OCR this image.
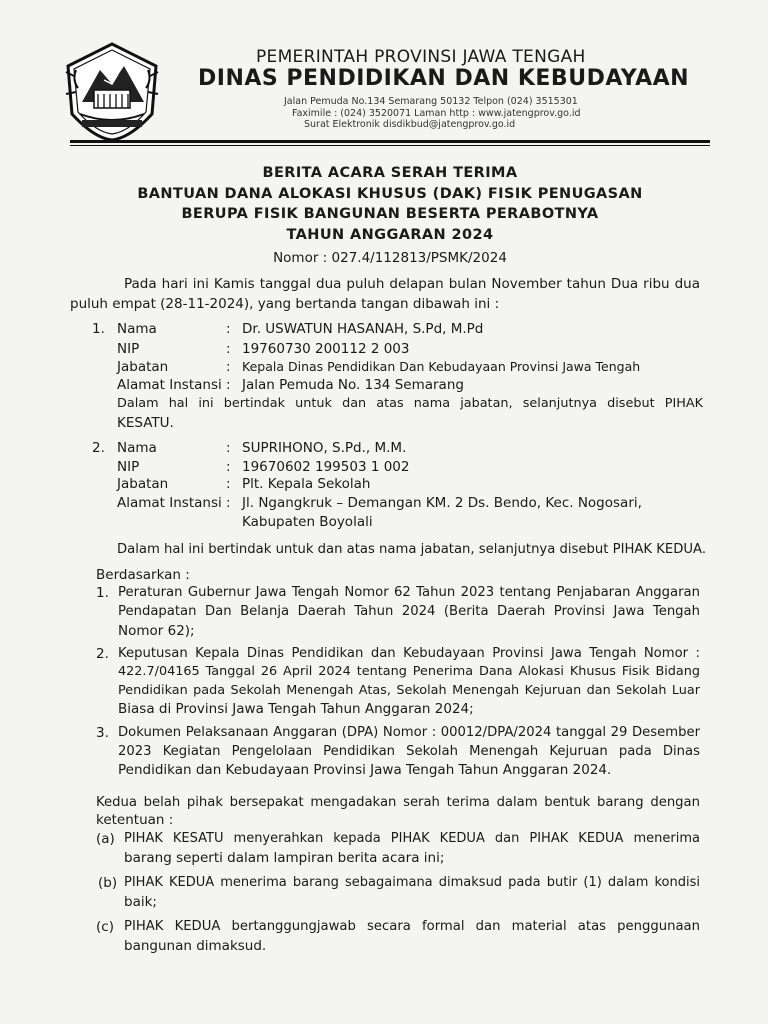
PEMERINTAH PROVINSI JAWA TENGAH
DINAS PENDIDIKAN DAN KEBUDAYAAN
Jalan Pemuda No.134 Semarang 50132 Telpon (024) 3515301
Faximile : (024) 3520071 Laman http : www.jatengprov.go.id
Surat Elektronik disdikbud@jatengprov.go.id
BERITA ACARA SERAH TERIMA
BANTUAN DANA ALOKASI KHUSUS (DAK) FISIK PENUGASAN
BERUPA FISIK BANGUNAN BESERTA PERABOTNYA
TAHUN ANGGARAN 2024
Nomor : 027.4/112813/PSMK/2024
Pada hari ini Kamis tanggal dua puluh delapan bulan November tahun Dua ribu dua
puluh empat (28-11-2024), yang bertanda tangan dibawah ini :
1. Nama	: Dr. USWATUN HASANAH, S.Pd, M.Pd
NIP	: 19760730 200112 2 003
Jabatan	: Kepala Dinas Pendidikan Dan Kebudayaan Provinsi Jawa Tengah
Alamat Instansi : Jalan Pemuda No. 134 Semarang
Dalam hal ini bertindak untuk dan atas nama jabatan, selanjutnya disebut PIHAK
KESATU.
2. Nama	: SUPRIHONO, S.Pd., M.M.
NIP	: 19670602 199503 1 002
Jabatan	: Plt. Kepala Sekolah
Alamat Instansi : Jl. Ngangkruk – Demangan KM. 2 Ds. Bendo, Kec. Nogosari,
Kabupaten Boyolali
Dalam hal ini bertindak untuk dan atas nama jabatan, selanjutnya disebut PIHAK KEDUA.
Berdasarkan :
1. Peraturan Gubernur Jawa Tengah Nomor 62 Tahun 2023 tentang Penjabaran Anggaran
Pendapatan Dan Belanja Daerah Tahun 2024 (Berita Daerah Provinsi Jawa Tengah
Nomor 62);
2. Keputusan Kepala Dinas Pendidikan dan Kebudayaan Provinsi Jawa Tengah Nomor :
422.7/04165 Tanggal 26 April 2024 tentang Penerima Dana Alokasi Khusus Fisik Bidang
Pendidikan pada Sekolah Menengah Atas, Sekolah Menengah Kejuruan dan Sekolah Luar
Biasa di Provinsi Jawa Tengah Tahun Anggaran 2024;
3. Dokumen Pelaksanaan Anggaran (DPA) Nomor : 00012/DPA/2024 tanggal 29 Desember
2023 Kegiatan Pengelolaan Pendidikan Sekolah Menengah Kejuruan pada Dinas
Pendidikan dan Kebudayaan Provinsi Jawa Tengah Tahun Anggaran 2024.
Kedua belah pihak bersepakat mengadakan serah terima dalam bentuk barang dengan
ketentuan :
(a) PIHAK KESATU menyerahkan kepada PIHAK KEDUA dan PIHAK KEDUA menerima
barang seperti dalam lampiran berita acara ini;
(b) PIHAK KEDUA menerima barang sebagaimana dimaksud pada butir (1) dalam kondisi
baik;
(c) PIHAK KEDUA bertanggungjawab secara formal dan material atas penggunaan
bangunan dimaksud.
